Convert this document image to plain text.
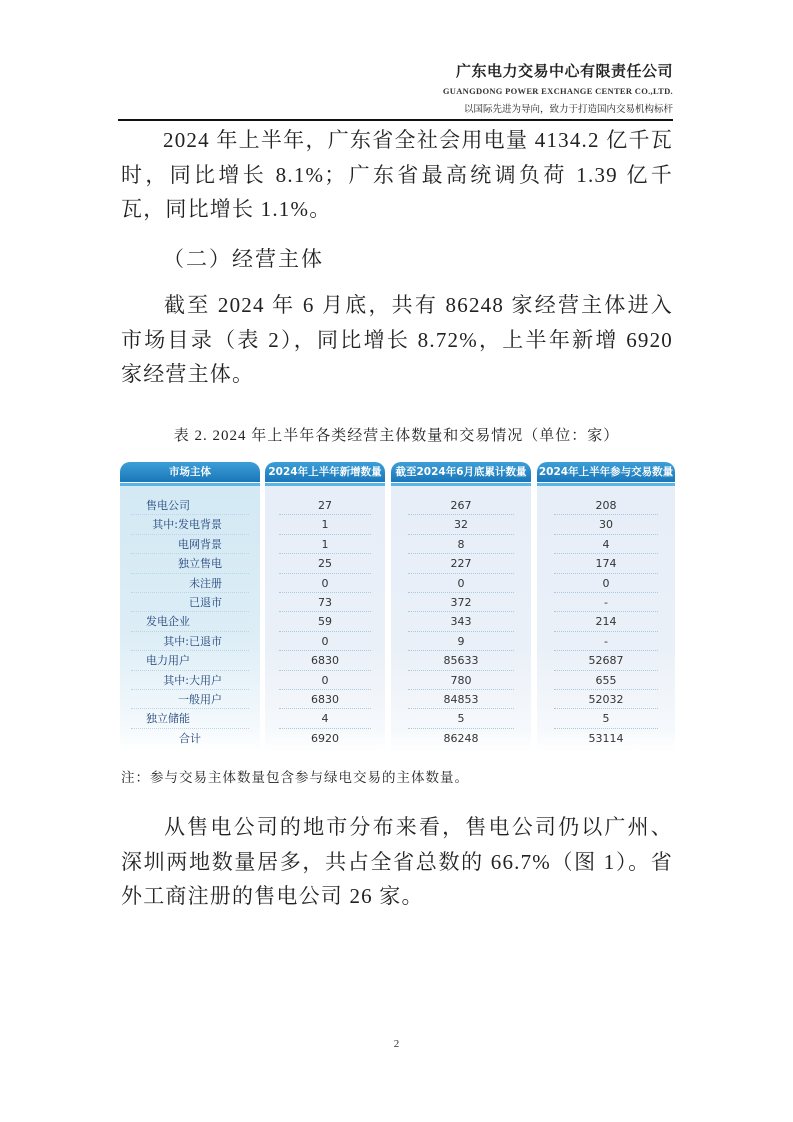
广东电力交易中心有限责任公司
GUANGDONG POWER EXCHANGE CENTER CO.,LTD.
以国际先进为导向，致力于打造国内交易机构标杆
2024 年上半年，广东省全社会用电量 4134.2 亿千瓦时，同比增长 8.1%；广东省最高统调负荷 1.39 亿千瓦，同比增长 1.1%。
（二）经营主体
截至 2024 年 6 月底，共有 86248 家经营主体进入市场目录（表 2），同比增长 8.72%，上半年新增 6920 家经营主体。
表 2. 2024 年上半年各类经营主体数量和交易情况（单位：家）
市场主体
售电公司
其中:发电背景
电网背景
独立售电
未注册
已退市
发电企业
其中:已退市
电力用户
其中:大用户
一般用户
独立储能
合计
2024年上半年新增数量
27
1
1
25
0
73
59
0
6830
0
6830
4
6920
截至2024年6月底累计数量
267
32
8
227
0
372
343
9
85633
780
84853
5
86248
2024年上半年参与交易数量
208
30
4
174
0
-
214
-
52687
655
52032
5
53114
注：参与交易主体数量包含参与绿电交易的主体数量。
从售电公司的地市分布来看，售电公司仍以广州、深圳两地数量居多，共占全省总数的 66.7%（图 1）。省外工商注册的售电公司 26 家。
2
